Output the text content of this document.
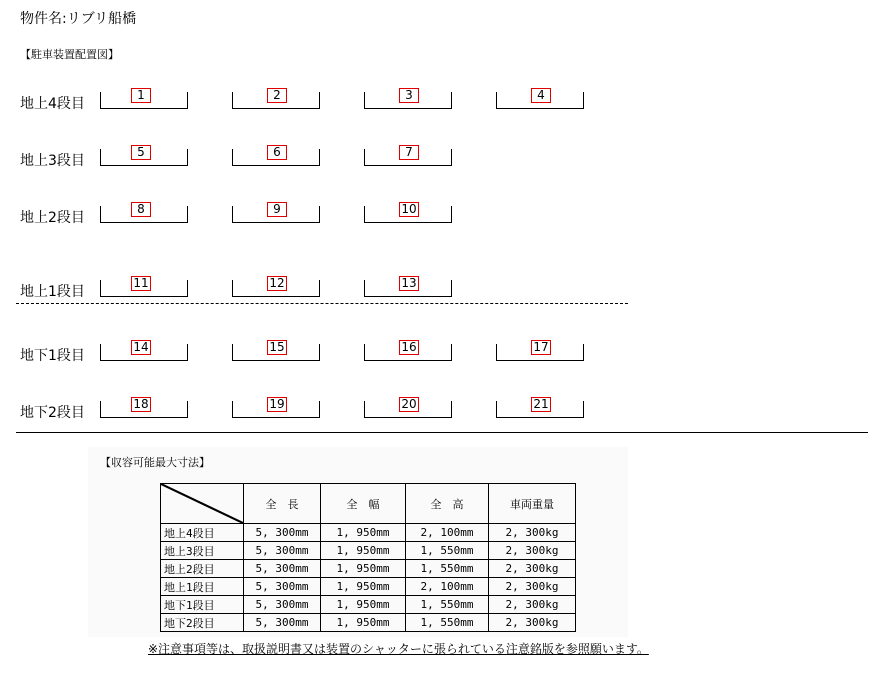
物件名:リブリ船橋
【駐車装置配置図】
地上4段目
1	2	3	4
地上3段目
5	6	7
地上2段目
8	9	10
地上1段目
11	12	13
地下1段目
14	15	16	17
地下2段目
18	19	20	21
【収容可能最大寸法】

	全　長	全　幅	全　高	車両重量
地上4段目	5, 300mm	1, 950mm	2, 100mm	2, 300kg
地上3段目	5, 300mm	1, 950mm	1, 550mm	2, 300kg
地上2段目	5, 300mm	1, 950mm	1, 550mm	2, 300kg
地上1段目	5, 300mm	1, 950mm	2, 100mm	2, 300kg
地下1段目	5, 300mm	1, 950mm	1, 550mm	2, 300kg
地下2段目	5, 300mm	1, 950mm	1, 550mm	2, 300kg
※注意事項等は、取扱説明書又は装置のシャッターに張られている注意銘版を参照願います。
